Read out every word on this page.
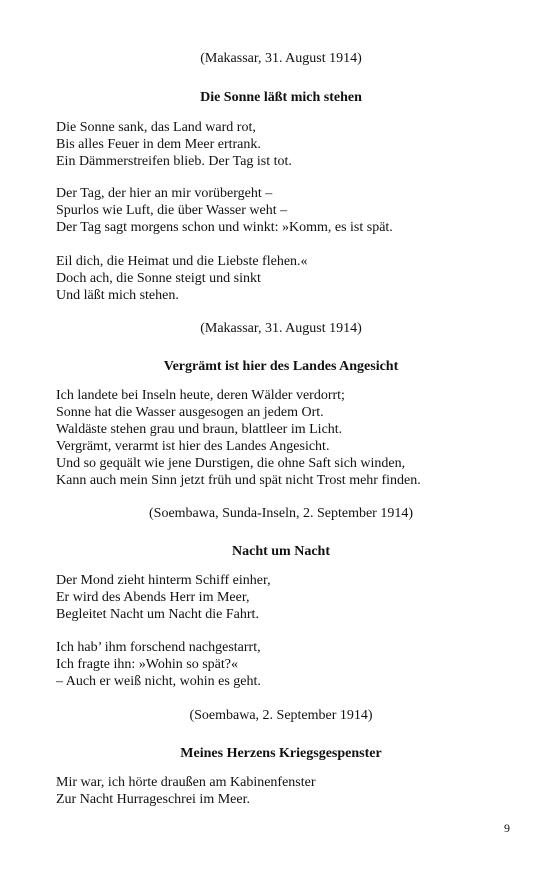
(Makassar, 31. August 1914)
Die Sonne läßt mich stehen
Die Sonne sank, das Land ward rot,
Bis alles Feuer in dem Meer ertrank.
Ein Dämmerstreifen blieb. Der Tag ist tot.
Der Tag, der hier an mir vorübergeht –
Spurlos wie Luft, die über Wasser weht –
Der Tag sagt morgens schon und winkt: »Komm, es ist spät.
Eil dich, die Heimat und die Liebste flehen.«
Doch ach, die Sonne steigt und sinkt
Und läßt mich stehen.
(Makassar, 31. August 1914)
Vergrämt ist hier des Landes Angesicht
Ich landete bei Inseln heute, deren Wälder verdorrt;
Sonne hat die Wasser ausgesogen an jedem Ort.
Waldäste stehen grau und braun, blattleer im Licht.
Vergrämt, verarmt ist hier des Landes Angesicht.
Und so gequält wie jene Durstigen, die ohne Saft sich winden,
Kann auch mein Sinn jetzt früh und spät nicht Trost mehr finden.
(Soembawa, Sunda-Inseln, 2. September 1914)
Nacht um Nacht
Der Mond zieht hinterm Schiff einher,
Er wird des Abends Herr im Meer,
Begleitet Nacht um Nacht die Fahrt.
Ich hab’ ihm forschend nachgestarrt,
Ich fragte ihn: »Wohin so spät?«
– Auch er weiß nicht, wohin es geht.
(Soembawa, 2. September 1914)
Meines Herzens Kriegsgespenster
Mir war, ich hörte draußen am Kabinenfenster
Zur Nacht Hurrageschrei im Meer.
9
